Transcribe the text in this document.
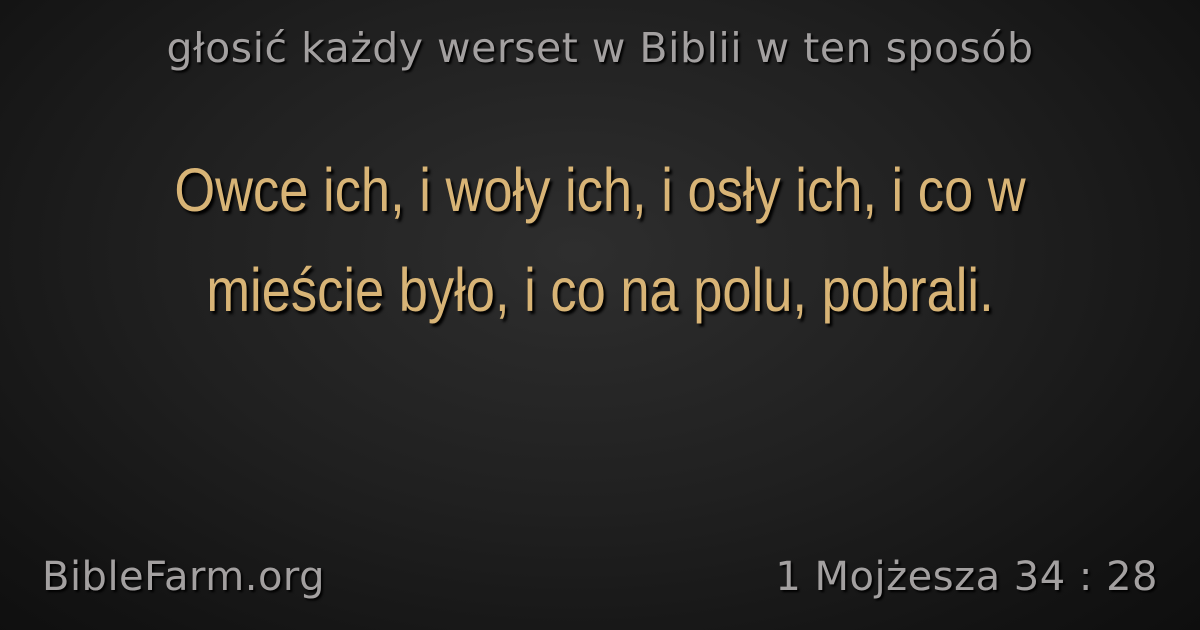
głosić każdy werset w Biblii w ten sposób
Owce ich, i woły ich, i osły ich, i co w mieście było, i co na polu, pobrali.
BibleFarm.org	1 Mojżesza 34 : 28
